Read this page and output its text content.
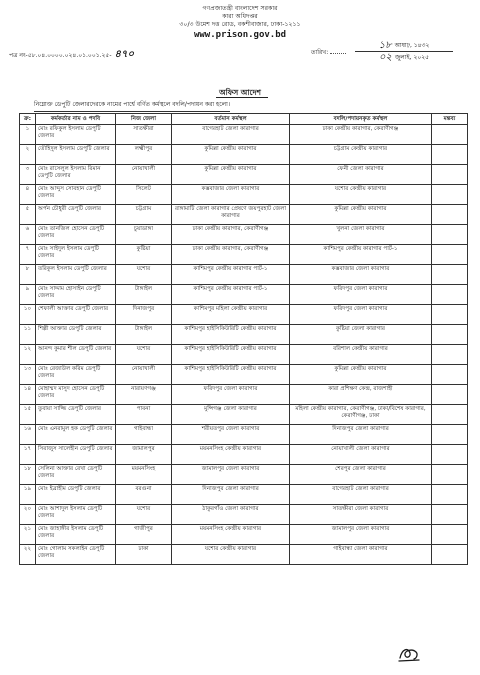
গণপ্রজাতন্ত্রী বাংলাদেশ সরকার
কারা অধিদপ্তর
৩০/৩ উমেশ দত্ত রোড, বকশীবাজার, ঢাকা-১২১১
www.prison.gov.bd
পত্র নং-৫৮.০৪.০০০০.০২৪.০১.০০১.২৫- ৪৭০	তারিখ:
১৮ আষাঢ়, ১৪৩২
০২ জুলাই, ২০২৫
অফিস আদেশ
নিম্নোক্ত ডেপুটি জেলারদেরকে নামের পার্শ্বে বর্ণিত কর্মস্থলে বদলি/পদায়ন করা হলো।
ক্র:	কর্মকর্তার নাম ও পদবি	নিজ জেলা	বর্তমান কর্মস্থল	বদলি/পদায়নকৃত কর্মস্থল	মন্তব্য
১	মোঃ রফিকুল ইসলাম ডেপুটি জেলার	সাতক্ষীরা	বাগেরহাট জেলা কারাগার	ঢাকা কেন্দ্রীয় কারাগার, কেরাণীগঞ্জ	
২	তৌহিদুল ইসলাম ডেপুটি জেলার	লক্ষ্মীপুর	কুমিল্লা কেন্দ্রীয় কারাগার	চট্টগ্রাম কেন্দ্রীয় কারাগার	
৩	মোঃ রাসেলুল ইসলাম রিমান ডেপুটি জেলার	নোয়াখালী	কুমিল্লা কেন্দ্রীয় কারাগার	ফেনী জেলা কারাগার	
৪	মোঃ আব্দুস সোবহান ডেপুটি জেলার	সিলেট	কক্সবাজার জেলা কারাগার	যশোর কেন্দ্রীয় কারাগার	
৫	অর্পন চৌধুরী ডেপুটি জেলার	চট্টগ্রাম	রাঙ্গামাটি জেলা কারাগার প্রেষণে জয়পুরহাট জেলা কারাগার	কুমিল্লা কেন্দ্রীয় কারাগার	
৬	মোঃ তানজিল হোসেন ডেপুটি জেলার	চুয়াডাঙ্গা	ঢাকা কেন্দ্রীয় কারাগার, কেরাণীগঞ্জ	খুলনা জেলা কারাগার	
৭	মোঃ সাইদুল ইসলাম ডেপুটি জেলার	কুষ্টিয়া	ঢাকা কেন্দ্রীয় কারাগার, কেরাণীগঞ্জ	কাশিমপুর কেন্দ্রীয় কারাগার পার্ট-১	
৮	তরিকুল ইসলাম ডেপুটি জেলার	যশোর	কাশিমপুর কেন্দ্রীয় কারাগার পার্ট-১	কক্সবাজার জেলা কারাগার	
৯	মোঃ সাদ্দাম হোসাইন ডেপুটি জেলার	টাঙ্গাইল	কাশিমপুর কেন্দ্রীয় কারাগার পার্ট-১	ফরিদপুর জেলা কারাগার	
১০	শেফালী আক্তার ডেপুটি জেলার	দিনাজপুর	কাশিমপুর মহিলা কেন্দ্রীয় কারাগার	ফরিদপুর জেলা কারাগার	
১১	শিল্পী আক্তার ডেপুটি জেলার	টাঙ্গাইল	কাশিমপুর হাইসিকিউরিটি কেন্দ্রীয় কারাগার	কুষ্টিয়া জেলা কারাগার	
১২	আনন্দ কুমার শীল ডেপুটি জেলার	যশোর	কাশিমপুর হাইসিকিউরিটি কেন্দ্রীয় কারাগার	বরিশাল কেন্দ্রীয় কারাগার	
১৩	মোঃ রেজাউল করিম ডেপুটি জেলার	নোয়াখালী	কাশিমপুর হাইসিকিউরিটি কেন্দ্রীয় কারাগার	কুমিল্লা কেন্দ্রীয় কারাগার	
১৪	মোহাম্মদ মাসুদ হোসেন ডেপুটি জেলার	নারায়ণগঞ্জ	ফরিদপুর জেলা কারাগার	কারা প্রশিক্ষণ কেন্দ্র, রাজশাহী	
১৫	তুবায়া সাজ্জি ডেপুটি জেলার	পাবনা	মুন্সিগঞ্জ জেলা কারাগার	মহিলা কেন্দ্রীয় কারাগার, কেরাণীগঞ্জ, ঢাকা/বিশেষ কারাগার, কেরাণীগঞ্জ, ঢাকা	
১৬	মোঃ এনরামুল হক ডেপুটি জেলার	গাইবান্ধা	শরীয়তপুর জেলা কারাগার	দিনাজপুর জেলা কারাগার	
১৭	সিরাজুস সালেহীন ডেপুটি জেলার	জামালপুর	ময়মনসিংহ কেন্দ্রীয় কারাগার	নোয়াখালী জেলা কারাগার	
১৮	সেলিনা আক্তার রেখা ডেপুটি জেলার	ময়মনসিংহ	জামালপুর জেলা কারাগার	শেরপুর জেলা কারাগার	
১৯	মোঃ ইব্রাহীম ডেপুটি জেলার	বরগুনা	দিনাজপুর জেলা কারাগার	বাগেরহাট জেলা কারাগার	
২০	মোঃ আশাদুল ইসলাম ডেপুটি জেলার	যশোর	ঠাকুরগাঁও জেলা কারাগার	সাতক্ষীরা জেলা কারাগার	
২১	মোঃ জাহাঙ্গীর ইসলাম ডেপুটি জেলার	গাজীপুর	ময়মনসিংহ কেন্দ্রীয় কারাগার	জামালপুর জেলা কারাগার	
২২	মোঃ গোলাম সকলাইন ডেপুটি জেলার	ঢাকা	যশোর কেন্দ্রীয় কারাগার	গাইবান্ধা জেলা কারাগার	
